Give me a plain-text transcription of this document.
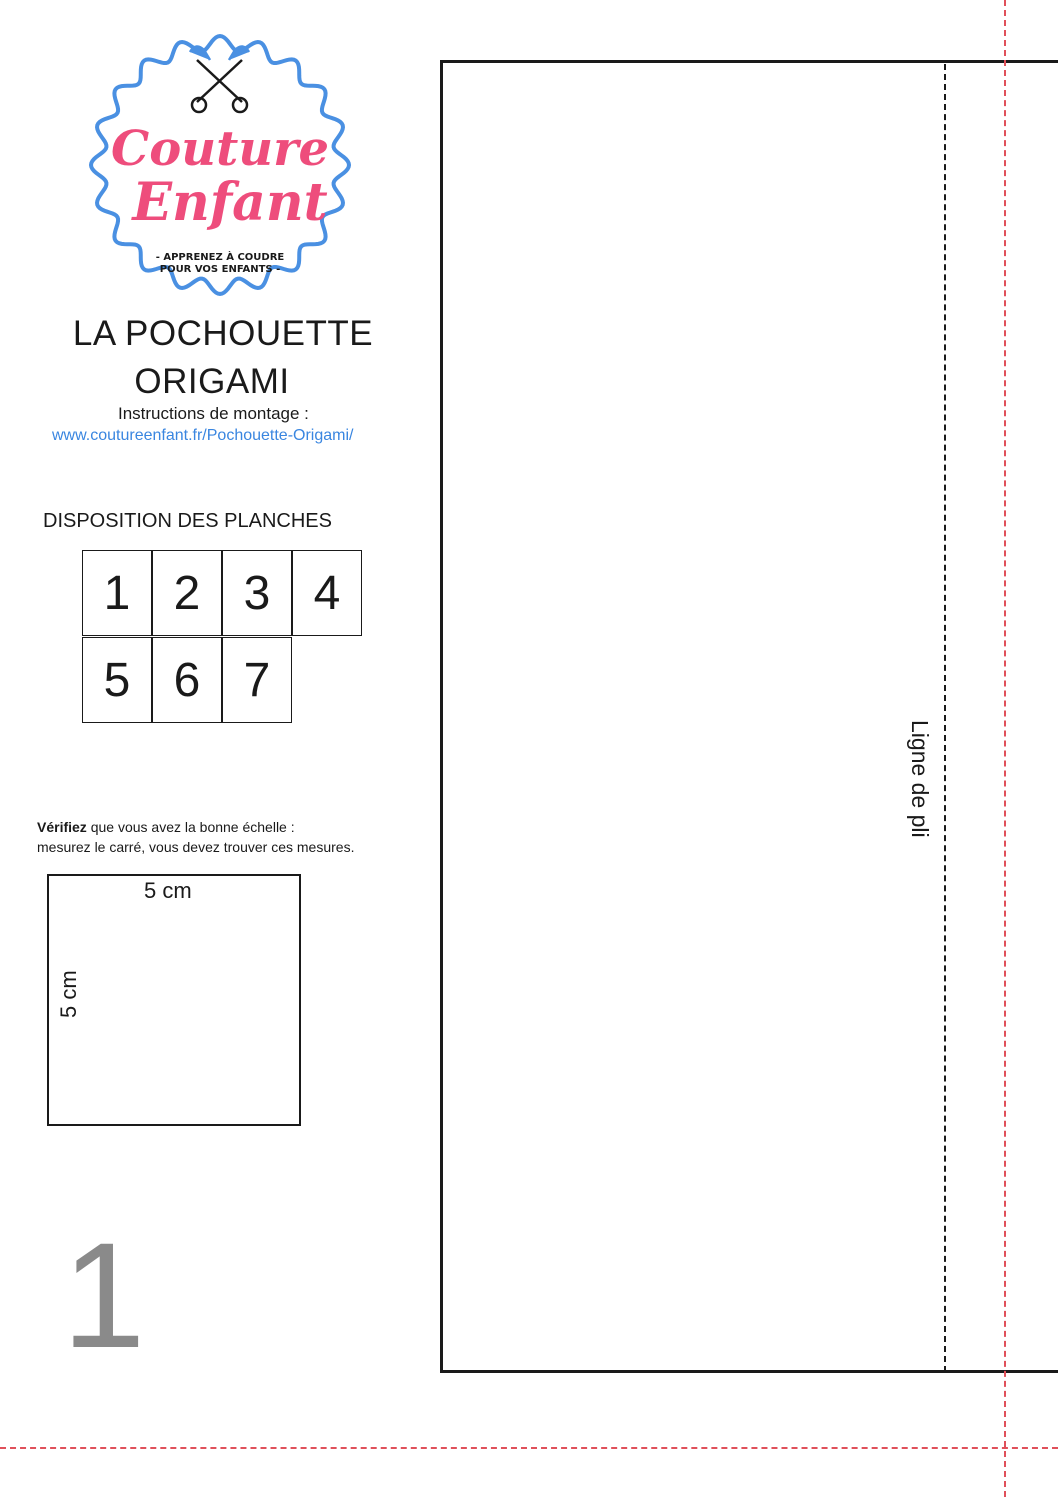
Couture
Enfant
- APPRENEZ À COUDRE
POUR VOS ENFANTS -
LA POCHOUETTE
ORIGAMI
Instructions de montage :
www.coutureenfant.fr/Pochouette-Origami/
DISPOSITION DES PLANCHES
1 2 3 4
5 6 7
Vérifiez que vous avez la bonne échelle :
mesurez le carré, vous devez trouver ces mesures.
5 cm
5 cm
1
Ligne de pli
